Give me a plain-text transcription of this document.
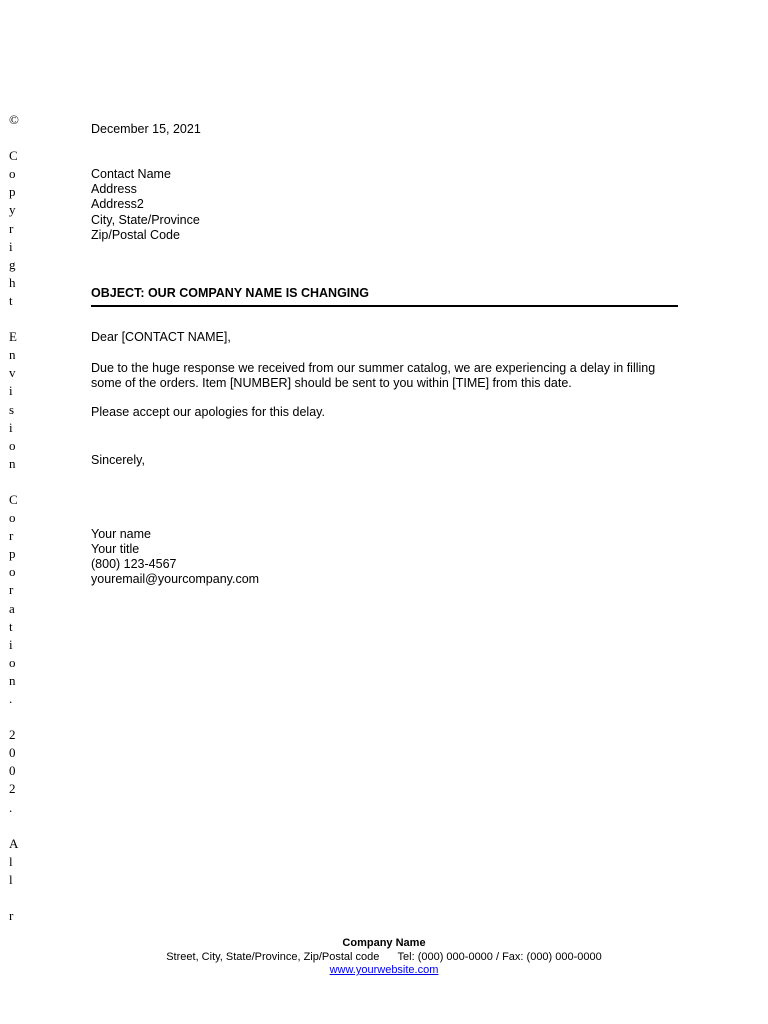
©
C
o
p
y
r
i
g
h
t
E
n
v
i
s
i
o
n
C
o
r
p
o
r
a
t
i
o
n
.
2
0
0
2
.
A
l
l
r
December 15, 2021
Contact Name
Address
Address2
City, State/Province
Zip/Postal Code
OBJECT: OUR COMPANY NAME IS CHANGING
Dear [CONTACT NAME],
Due to the huge response we received from our summer catalog, we are experiencing a delay in filling some of the orders. Item [NUMBER] should be sent to you within [TIME] from this date.
Please accept our apologies for this delay.
Sincerely,
Your name
Your title
(800) 123-4567
youremail@yourcompany.com
Company Name
Street, City, State/Province, Zip/Postal code      Tel: (000) 000-0000 / Fax: (000) 000-0000
www.yourwebsite.com
